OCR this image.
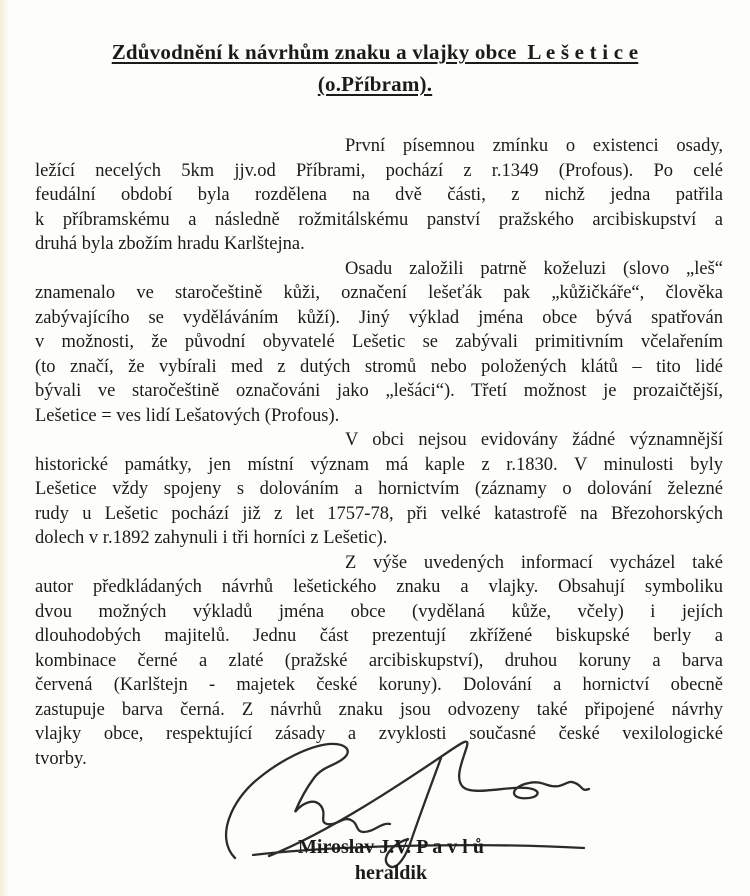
Zdůvodnění k návrhům znaku a vlajky obce  L e š e t i c e
(o.Příbram).
První písemnou zmínku o existenci osady,
ležící necelých 5km jjv.od Příbrami, pochází z r.1349 (Profous). Po celé
feudální období byla rozdělena na dvě části, z nichž jedna patřila
k příbramskému a následně rožmitálskému panství pražského arcibiskupství a
druhá byla zbožím hradu Karlštejna.
Osadu založili patrně koželuzi (slovo „leš“
znamenalo ve staročeštině kůži, označení lešeťák pak „kůžičkáře“, člověka
zabývajícího se vyděláváním kůží). Jiný výklad jména obce bývá spatřován
v možnosti, že původní obyvatelé Lešetic se zabývali primitivním včelařením
(to značí, že vybírali med z dutých stromů nebo položených klátů – tito lidé
bývali ve staročeštině označováni jako „lešáci“). Třetí možnost je prozaičtější,
Lešetice = ves lidí Lešatových (Profous).
V obci nejsou evidovány žádné významnější
historické památky, jen místní význam má kaple z r.1830. V minulosti byly
Lešetice vždy spojeny s dolováním a hornictvím (záznamy o dolování železné
rudy u Lešetic pochází již z let 1757-78, při velké katastrofě na Březohorských
dolech v r.1892 zahynuli i tři horníci z Lešetic).
Z výše uvedených informací vycházel také
autor předkládaných návrhů lešetického znaku a vlajky. Obsahují symboliku
dvou možných výkladů jména obce (vydělaná kůže, včely) i jejích
dlouhodobých majitelů. Jednu část prezentují zkřížené biskupské berly a
kombinace černé a zlaté (pražské arcibiskupství), druhou koruny a barva
červená (Karlštejn - majetek české koruny). Dolování a hornictví obecně
zastupuje barva černá. Z návrhů znaku jsou odvozeny také připojené návrhy
vlajky obce, respektující zásady a zvyklosti současné české vexilologické
tvorby.
Miroslav J.V. P a v l ů
heraldik
